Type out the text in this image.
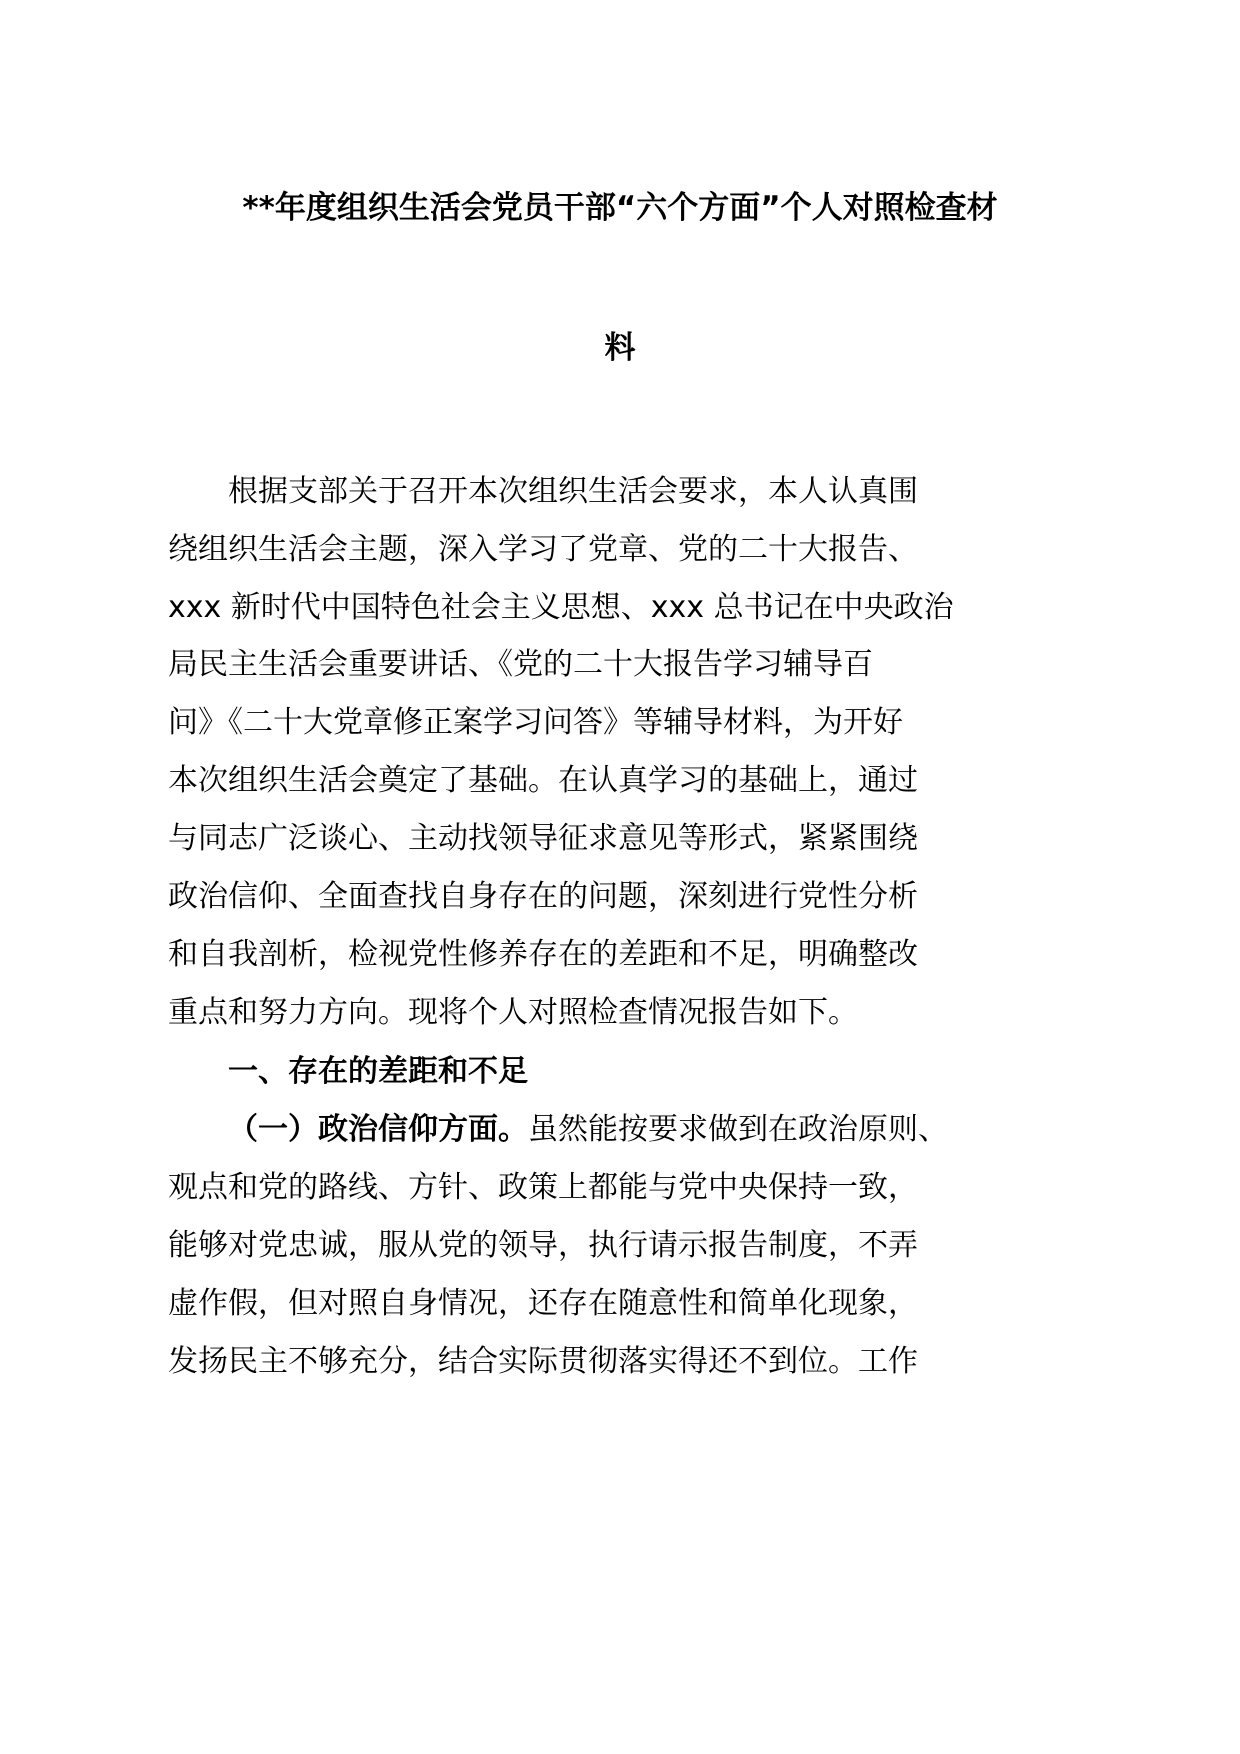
**年度组织生活会党员干部“六个方面”个人对照检查材
料
根据支部关于召开本次组织生活会要求，本人认真围
绕组织生活会主题，深入学习了党章、党的二十大报告、
xxx 新时代中国特色社会主义思想、xxx 总书记在中央政治
局民主生活会重要讲话、《党的二十大报告学习辅导百
问》《二十大党章修正案学习问答》等辅导材料，为开好
本次组织生活会奠定了基础。在认真学习的基础上，通过
与同志广泛谈心、主动找领导征求意见等形式，紧紧围绕
政治信仰、全面查找自身存在的问题，深刻进行党性分析
和自我剖析，检视党性修养存在的差距和不足，明确整改
重点和努力方向。现将个人对照检查情况报告如下。
一、存在的差距和不足
（一）政治信仰方面。虽然能按要求做到在政治原则、
观点和党的路线、方针、政策上都能与党中央保持一致，
能够对党忠诚，服从党的领导，执行请示报告制度，不弄
虚作假，但对照自身情况，还存在随意性和简单化现象，
发扬民主不够充分，结合实际贯彻落实得还不到位。工作
